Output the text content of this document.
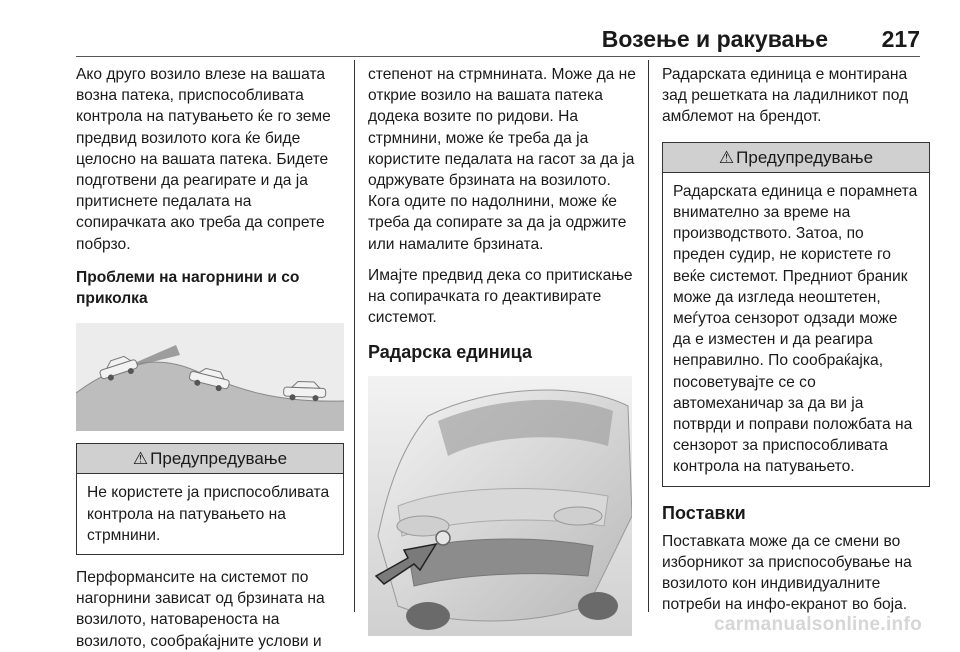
Возење и ракување 217

Ако друго возило влезе на вашата возна патека, приспособливата контрола на патувањето ќе го земе предвид возилото кога ќе биде целосно на вашата патека. Бидете подготвени да реагирате и да ја притиснете педалата на сопирачката ако треба да сопрете побрзо.

Проблеми на нагорнини и со приколка

⚠ Предупредување
Не користете ја приспособливата контрола на патувањето на стрмнини.

Перформансите на системот по нагорнини зависат од брзината на возилото, натовареноста на возилото, сообраќајните услови и

степенот на стрмнината. Може да не открие возило на вашата патека додека возите по ридови. На стрмнини, може ќе треба да ја користите педалата на гасот за да ја одржувате брзината на возилото. Кога одите по надолнини, може ќе треба да сопирате за да ја одржите или намалите брзината.

Имајте предвид дека со притискање на сопирачката го деактивирате системот.

Радарска единица

Радарската единица е монтирана зад решетката на ладилникот под амблемот на брендот.

⚠ Предупредување
Радарската единица е порамнета внимателно за време на производството. Затоа, по преден судир, не користете го веќе системот. Предниот браник може да изгледа неоштетен, меѓутоа сензорот одзади може да е изместен и да реагира неправилно. По сообраќајка, посоветувајте се со автомеханичар за да ви ја потврди и поправи положбата на сензорот за приспособливата контрола на патувањето.

Поставки

Поставката може да се смени во изборникот за приспособување на возилото кон индивидуалните потреби на инфо-екранот во боја.

carmanualsonline.info
